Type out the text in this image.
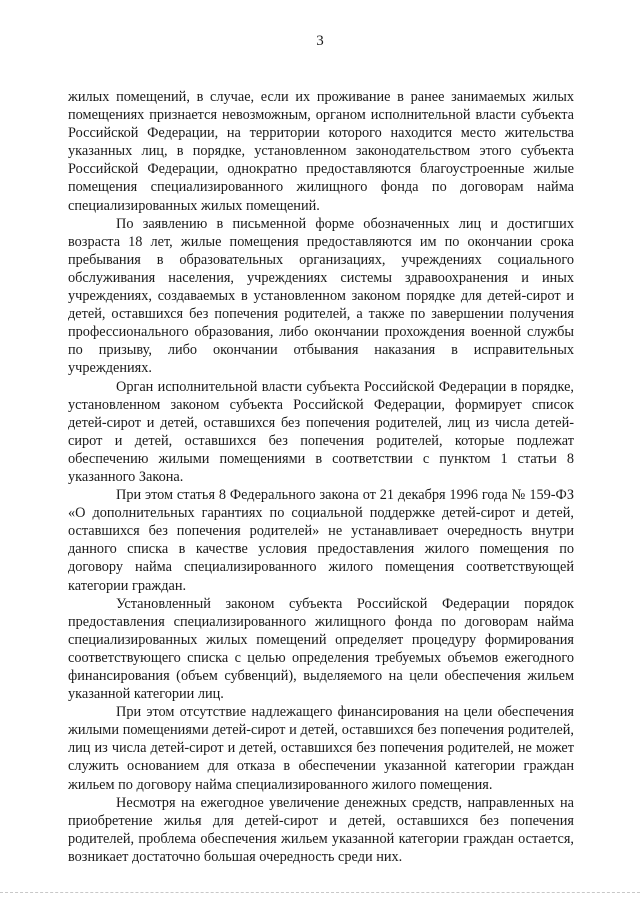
3

жилых помещений, в случае, если их проживание в ранее занимаемых жилых помещениях признается невозможным, органом исполнительной власти субъекта Российской Федерации, на территории которого находится место жительства указанных лиц, в порядке, установленном законодательством этого субъекта Российской Федерации, однократно предоставляются благоустроенные жилые помещения специализированного жилищного фонда по договорам найма специализированных жилых помещений.

По заявлению в письменной форме обозначенных лиц и достигших возраста 18 лет, жилые помещения предоставляются им по окончании срока пребывания в образовательных организациях, учреждениях социального обслуживания населения, учреждениях системы здравоохранения и иных учреждениях, создаваемых в установленном законом порядке для детей-сирот и детей, оставшихся без попечения родителей, а также по завершении получения профессионального образования, либо окончании прохождения военной службы по призыву, либо окончании отбывания наказания в исправительных учреждениях.

Орган исполнительной власти субъекта Российской Федерации в порядке, установленном законом субъекта Российской Федерации, формирует список детей-сирот и детей, оставшихся без попечения родителей, лиц из числа детей-сирот и детей, оставшихся без попечения родителей, которые подлежат обеспечению жилыми помещениями в соответствии с пунктом 1 статьи 8 указанного Закона.

При этом статья 8 Федерального закона от 21 декабря 1996 года № 159-ФЗ «О дополнительных гарантиях по социальной поддержке детей-сирот и детей, оставшихся без попечения родителей» не устанавливает очередность внутри данного списка в качестве условия предоставления жилого помещения по договору найма специализированного жилого помещения соответствующей категории граждан.

Установленный законом субъекта Российской Федерации порядок предоставления специализированного жилищного фонда по договорам найма специализированных жилых помещений определяет процедуру формирования соответствующего списка с целью определения требуемых объемов ежегодного финансирования (объем субвенций), выделяемого на цели обеспечения жильем указанной категории лиц.

При этом отсутствие надлежащего финансирования на цели обеспечения жилыми помещениями детей-сирот и детей, оставшихся без попечения родителей, лиц из числа детей-сирот и детей, оставшихся без попечения родителей, не может служить основанием для отказа в обеспечении указанной категории граждан жильем по договору найма специализированного жилого помещения.

Несмотря на ежегодное увеличение денежных средств, направленных на приобретение жилья для детей-сирот и детей, оставшихся без попечения родителей, проблема обеспечения жильем указанной категории граждан остается, возникает достаточно большая очередность среди них.
